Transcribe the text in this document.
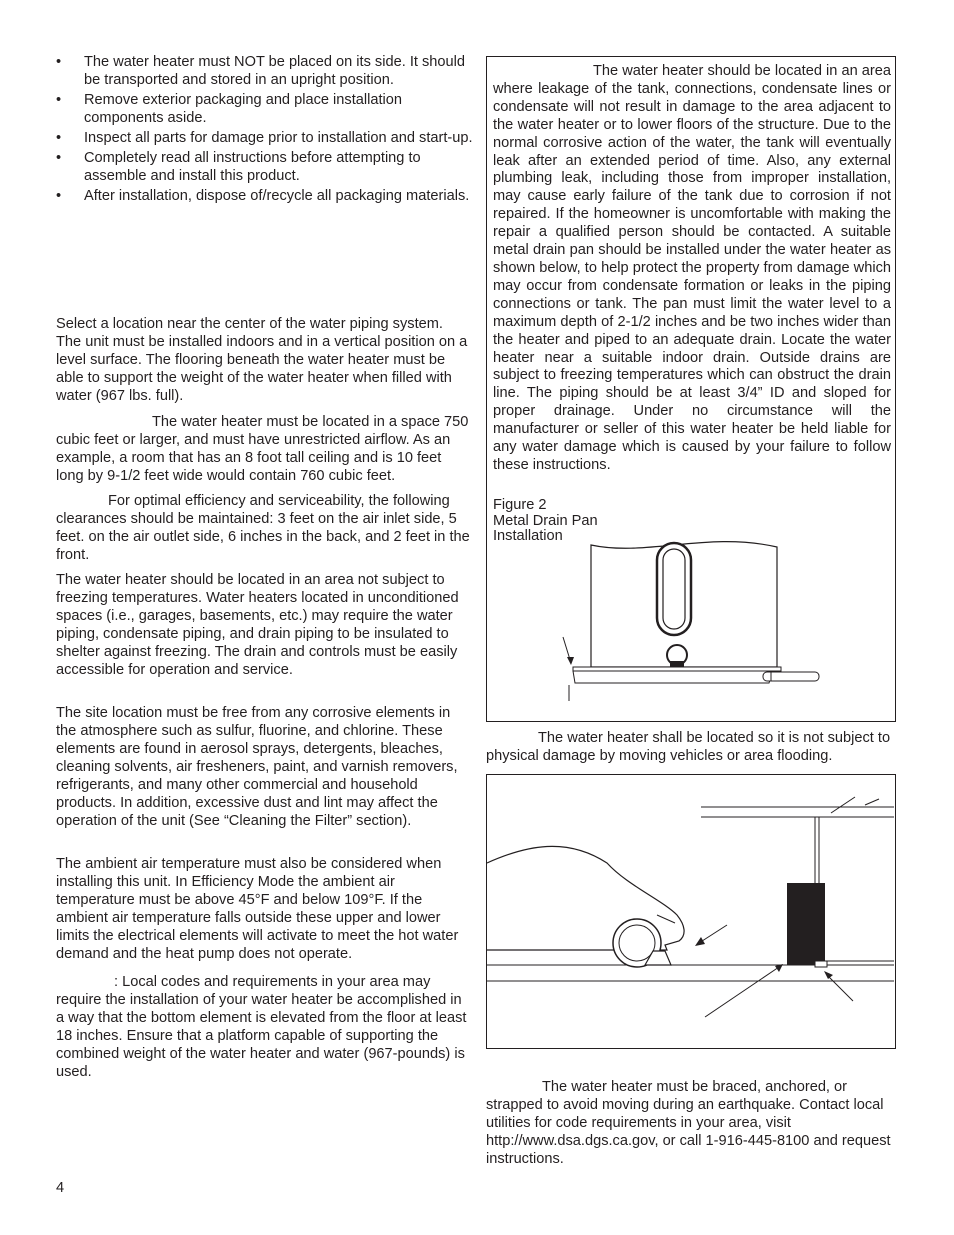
• The water heater must NOT be placed on its side. It should be transported and stored in an upright position.
• Remove exterior packaging and place installation components aside.
• Inspect all parts for damage prior to installation and start-up.
• Completely read all instructions before attempting to assemble and install this product.
• After installation, dispose of/recycle all packaging materials.
Select a location near the center of the water piping system. The unit must be installed indoors and in a vertical position on a level surface. The flooring beneath the water heater must be able to support the weight of the water heater when filled with water (967 lbs. full).
The water heater must be located in a space 750 cubic feet or larger, and must have unrestricted airflow. As an example, a room that has an 8 foot tall ceiling and is 10 feet long by 9-1/2 feet wide would contain 760 cubic feet.
For optimal efficiency and serviceability, the following clearances should be maintained: 3 feet on the air inlet side, 5 feet. on the air outlet side, 6 inches in the back, and 2 feet in the front.
The water heater should be located in an area not subject to freezing temperatures. Water heaters located in unconditioned spaces (i.e., garages, basements, etc.) may require the water piping, condensate piping, and drain piping to be insulated to shelter against freezing. The drain and controls must be easily accessible for operation and service.
The site location must be free from any corrosive elements in the atmosphere such as sulfur, fluorine, and chlorine. These elements are found in aerosol sprays, detergents, bleaches, cleaning solvents, air fresheners, paint, and varnish removers, refrigerants, and many other commercial and household products. In addition, excessive dust and lint may affect the operation of the unit (See “Cleaning the Filter” section).
The ambient air temperature must also be considered when installing this unit. In Efficiency Mode the ambient air temperature must be above 45°F and below 109°F. If the ambient air temperature falls outside these upper and lower limits the electrical elements will activate to meet the hot water demand and the heat pump does not operate.
: Local codes and requirements in your area may require the installation of your water heater be accomplished in a way that the bottom element is elevated from the floor at least 18 inches. Ensure that a platform capable of supporting the combined weight of the water heater and water (967-pounds) is used.
The water heater should be located in an area where leakage of the tank, connections, condensate lines or condensate will not result in damage to the area adjacent to the water heater or to lower floors of the structure. Due to the normal corrosive action of the water, the tank will eventually leak after an extended period of time. Also, any external plumbing leak, including those from improper installation, may cause early failure of the tank due to corrosion if not repaired. If the homeowner is uncomfortable with making the repair a qualified person should be contacted. A suitable metal drain pan should be installed under the water heater as shown below, to help protect the property from damage which may occur from condensate formation or leaks in the piping connections or tank. The pan must limit the water level to a maximum depth of 2-1/2 inches and be two inches wider than the heater and piped to an adequate drain. Locate the water heater near a suitable indoor drain. Outside drains are subject to freezing temperatures which can obstruct the drain line. The piping should be at least 3/4” ID and sloped for proper drainage. Under no circumstance will the manufacturer or seller of this water heater be held liable for any water damage which is caused by your failure to follow these instructions.
Figure 2
Metal Drain Pan
Installation
The water heater shall be located so it is not subject to physical damage by moving vehicles or area flooding.
The water heater must be braced, anchored, or strapped to avoid moving during an earthquake. Contact local utilities for code requirements in your area, visit http://www.dsa.dgs.ca.gov, or call 1-916-445-8100 and request instructions.
4
